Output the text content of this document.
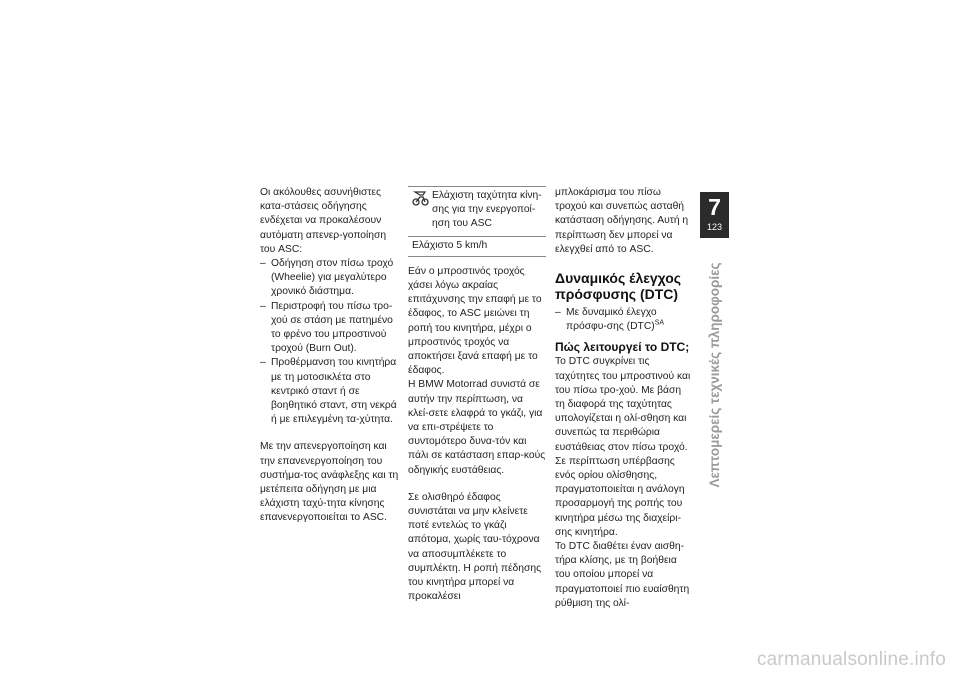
Οι ακόλουθες ασυνήθιστες κατα-στάσεις οδήγησης ενδέχεται να προκαλέσουν αυτόματη απενερ-γοποίηση του ASC:

– Οδήγηση στον πίσω τροχό (Wheelie) για μεγαλύτερο χρονικό διάστημα.
– Περιστροφή του πίσω τρο-χού σε στάση με πατημένο το φρένο του μπροστινού τροχού (Burn Out).
– Προθέρμανση του κινητήρα με τη μοτοσικλέτα στο κεντρικό σταντ ή σε βοηθητικό σταντ, στη νεκρά ή με επιλεγμένη τα-χύτητα.

Με την απενεργοποίηση και την επανενεργοποίηση του συστήμα-τος ανάφλεξης και τη μετέπειτα οδήγηση με μια ελάχιστη ταχύ-τητα κίνησης επανενεργοποιείται το ASC.

Ελάχιστη ταχύτητα κίνη-σης για την ενεργοποί-ηση του ASC
Ελάχιστο 5 km/h

Εάν ο μπροστινός τροχός χάσει λόγω ακραίας επιτάχυνσης την επαφή με το έδαφος, το ASC μειώνει τη ροπή του κινητήρα, μέχρι ο μπροστινός τροχός να αποκτήσει ξανά επαφή με το έδαφος.

Η BMW Motorrad συνιστά σε αυτήν την περίπτωση, να κλεί-σετε ελαφρά το γκάζι, για να επι-στρέψετε το συντομότερο δυνα-τόν και πάλι σε κατάσταση επαρ-κούς οδηγικής ευστάθειας.

Σε ολισθηρό έδαφος συνιστάται να μην κλείνετε ποτέ εντελώς το γκάζι απότομα, χωρίς ταυ-τόχρονα να αποσυμπλέκετε το συμπλέκτη. Η ροπή πέδησης του κινητήρα μπορεί να προκαλέσει

μπλοκάρισμα του πίσω τροχού και συνεπώς ασταθή κατάσταση οδήγησης. Αυτή η περίπτωση δεν μπορεί να ελεγχθεί από το ASC.

Δυναμικός έλεγχος πρόσφυσης (DTC)
– Με δυναμικό έλεγχο πρόσφυ-σης (DTC)$^{SA}$
Πώς λειτουργεί το DTC;

Το DTC συγκρίνει τις ταχύτητες του μπροστινού και του πίσω τρο-χού. Με βάση τη διαφορά της ταχύτητας υπολογίζεται η ολί-σθηση και συνεπώς τα περιθώρια ευστάθειας στον πίσω τροχό. Σε περίπτωση υπέρβασης ενός ορίου ολίσθησης, πραγματοποιείται η ανάλογη προσαρμογή της ροπής του κινητήρα μέσω της διαχείρι-σης κινητήρα.

Το DTC διαθέτει έναν αισθη-τήρα κλίσης, με τη βοήθεια του οποίου μπορεί να πραγματοποιεί πιο ευαίσθητη ρύθμιση της ολί-

7
123
Λεπτομερείς τεχνικές πληροφορίες
carmanualsonline.info
